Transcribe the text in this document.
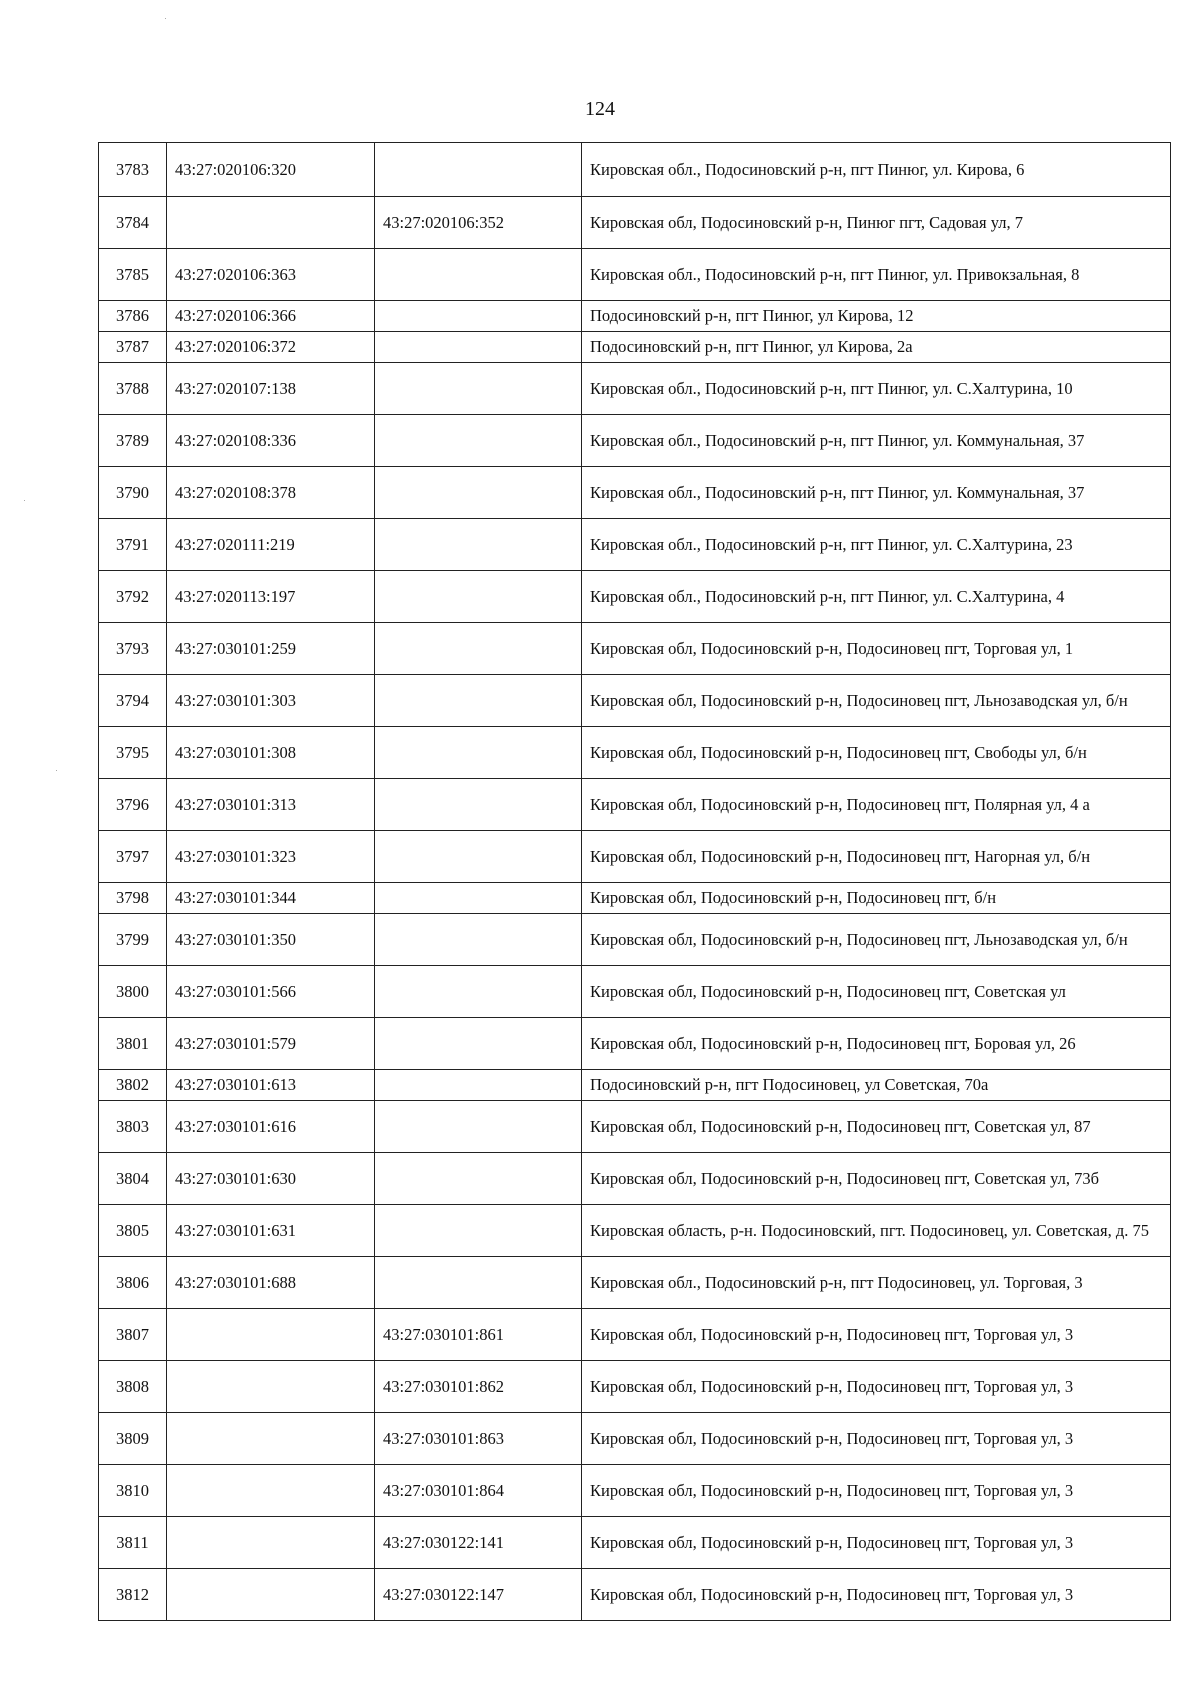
124
3783	43:27:020106:320		Кировская обл., Подосиновский р-н, пгт Пинюг, ул. Кирова, 6
3784		43:27:020106:352	Кировская обл, Подосиновский р-н, Пинюг пгт, Садовая ул, 7
3785	43:27:020106:363		Кировская обл., Подосиновский р-н, пгт Пинюг, ул. Привокзальная, 8
3786	43:27:020106:366		Подосиновский р-н, пгт Пинюг, ул Кирова, 12
3787	43:27:020106:372		Подосиновский р-н, пгт Пинюг, ул Кирова, 2а
3788	43:27:020107:138		Кировская обл., Подосиновский р-н, пгт Пинюг, ул. С.Халтурина, 10
3789	43:27:020108:336		Кировская обл., Подосиновский р-н, пгт Пинюг, ул. Коммунальная, 37
3790	43:27:020108:378		Кировская обл., Подосиновский р-н, пгт Пинюг, ул. Коммунальная, 37
3791	43:27:020111:219		Кировская обл., Подосиновский р-н, пгт Пинюг, ул. С.Халтурина, 23
3792	43:27:020113:197		Кировская обл., Подосиновский р-н, пгт Пинюг, ул. С.Халтурина, 4
3793	43:27:030101:259		Кировская обл, Подосиновский р-н, Подосиновец пгт, Торговая ул, 1
3794	43:27:030101:303		Кировская обл, Подосиновский р-н, Подосиновец пгт, Льнозаводская ул, б/н
3795	43:27:030101:308		Кировская обл, Подосиновский р-н, Подосиновец пгт, Свободы ул, б/н
3796	43:27:030101:313		Кировская обл, Подосиновский р-н, Подосиновец пгт, Полярная ул, 4 а
3797	43:27:030101:323		Кировская обл, Подосиновский р-н, Подосиновец пгт, Нагорная ул, б/н
3798	43:27:030101:344		Кировская обл, Подосиновский р-н, Подосиновец пгт, б/н
3799	43:27:030101:350		Кировская обл, Подосиновский р-н, Подосиновец пгт, Льнозаводская ул, б/н
3800	43:27:030101:566		Кировская обл, Подосиновский р-н, Подосиновец пгт, Советская ул
3801	43:27:030101:579		Кировская обл, Подосиновский р-н, Подосиновец пгт, Боровая ул, 26
3802	43:27:030101:613		Подосиновский р-н, пгт Подосиновец, ул Советская, 70а
3803	43:27:030101:616		Кировская обл, Подосиновский р-н, Подосиновец пгт, Советская ул, 87
3804	43:27:030101:630		Кировская обл, Подосиновский р-н, Подосиновец пгт, Советская ул, 73б
3805	43:27:030101:631		Кировская область, р-н. Подосиновский, пгт. Подосиновец, ул. Советская, д. 75
3806	43:27:030101:688		Кировская обл., Подосиновский р-н, пгт Подосиновец, ул. Торговая, 3
3807		43:27:030101:861	Кировская обл, Подосиновский р-н, Подосиновец пгт, Торговая ул, 3
3808		43:27:030101:862	Кировская обл, Подосиновский р-н, Подосиновец пгт, Торговая ул, 3
3809		43:27:030101:863	Кировская обл, Подосиновский р-н, Подосиновец пгт, Торговая ул, 3
3810		43:27:030101:864	Кировская обл, Подосиновский р-н, Подосиновец пгт, Торговая ул, 3
3811		43:27:030122:141	Кировская обл, Подосиновский р-н, Подосиновец пгт, Торговая ул, 3
3812		43:27:030122:147	Кировская обл, Подосиновский р-н, Подосиновец пгт, Торговая ул, 3
